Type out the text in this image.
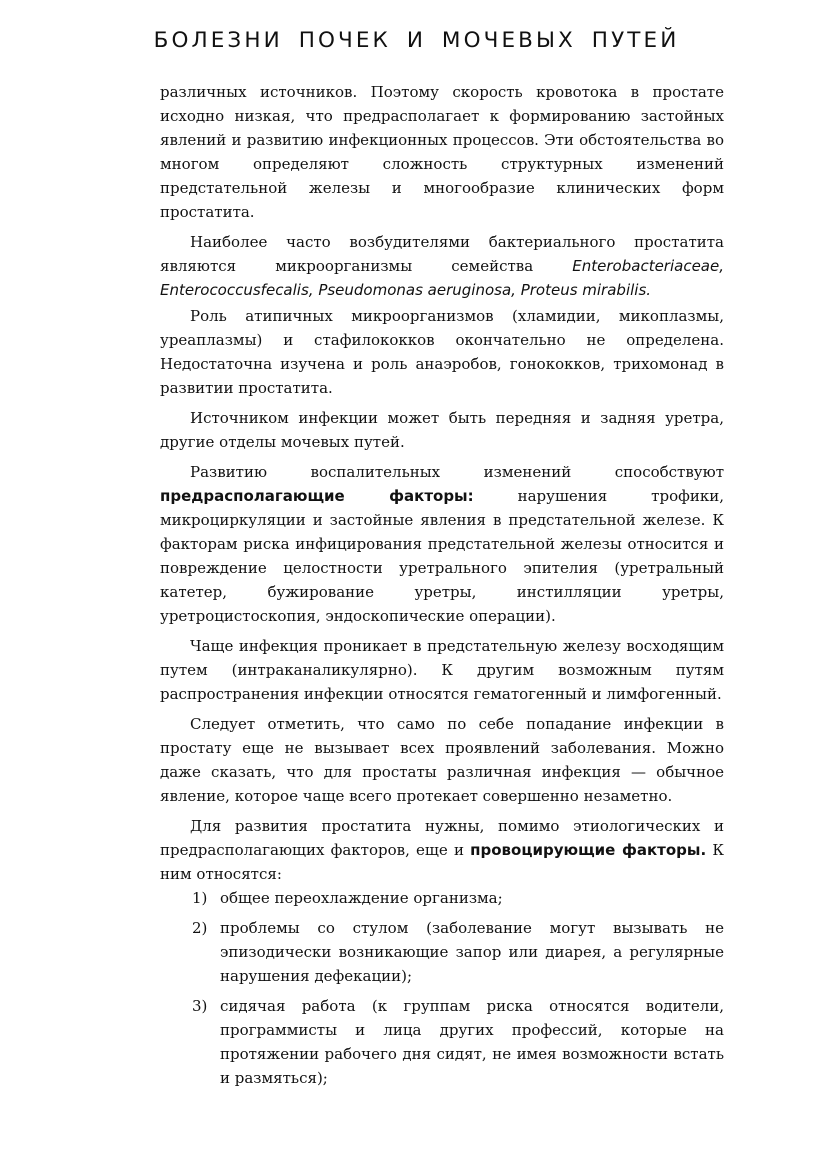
БОЛЕЗНИ ПОЧЕК И МОЧЕВЫХ ПУТЕЙ

различных источников. Поэтому скорость кровотока в простате исходно низкая, что предрасполагает к формированию застойных явлений и развитию инфекционных процессов. Эти обстоятельства во многом определяют сложность структурных изменений предстательной железы и многообразие клинических форм простатита.

Наиболее часто возбудителями бактериального простатита являются микроорганизмы семейства Enterobacteriaceae, Enterococcusfecalis, Pseudomonas aeruginosa, Proteus mirabilis.

Роль атипичных микроорганизмов (хламидии, микоплазмы, уреаплазмы) и стафилококков окончательно не определена. Недостаточна изучена и роль анаэробов, гонококков, трихомонад в развитии простатита.

Источником инфекции может быть передняя и задняя уретра, другие отделы мочевых путей.

Развитию воспалительных изменений способствуют предрасполагающие факторы: нарушения трофики, микроциркуляции и застойные явления в предстательной железе. К факторам риска инфицирования предстательной железы относится и повреждение целостности уретрального эпителия (уретральный катетер, бужирование уретры, инстилляции уретры, уретроцистоскопия, эндоскопические операции).

Чаще инфекция проникает в предстательную железу восходящим путем (интраканаликулярно). К другим возможным путям распространения инфекции относятся гематогенный и лимфогенный.

Следует отметить, что само по себе попадание инфекции в простату еще не вызывает всех проявлений заболевания. Можно даже сказать, что для простаты различная инфекция — обычное явление, которое чаще всего протекает совершенно незаметно.

Для развития простатита нужны, помимо этиологических и предрасполагающих факторов, еще и провоцирующие факторы. К ним относятся:

1) общее переохлаждение организма;
2) проблемы со стулом (заболевание могут вызывать не эпизодически возникающие запор или диарея, а регулярные нарушения дефекации);
3) сидячая работа (к группам риска относятся водители, программисты и лица других профессий, которые на протяжении рабочего дня сидят, не имея возможности встать и размяться);
